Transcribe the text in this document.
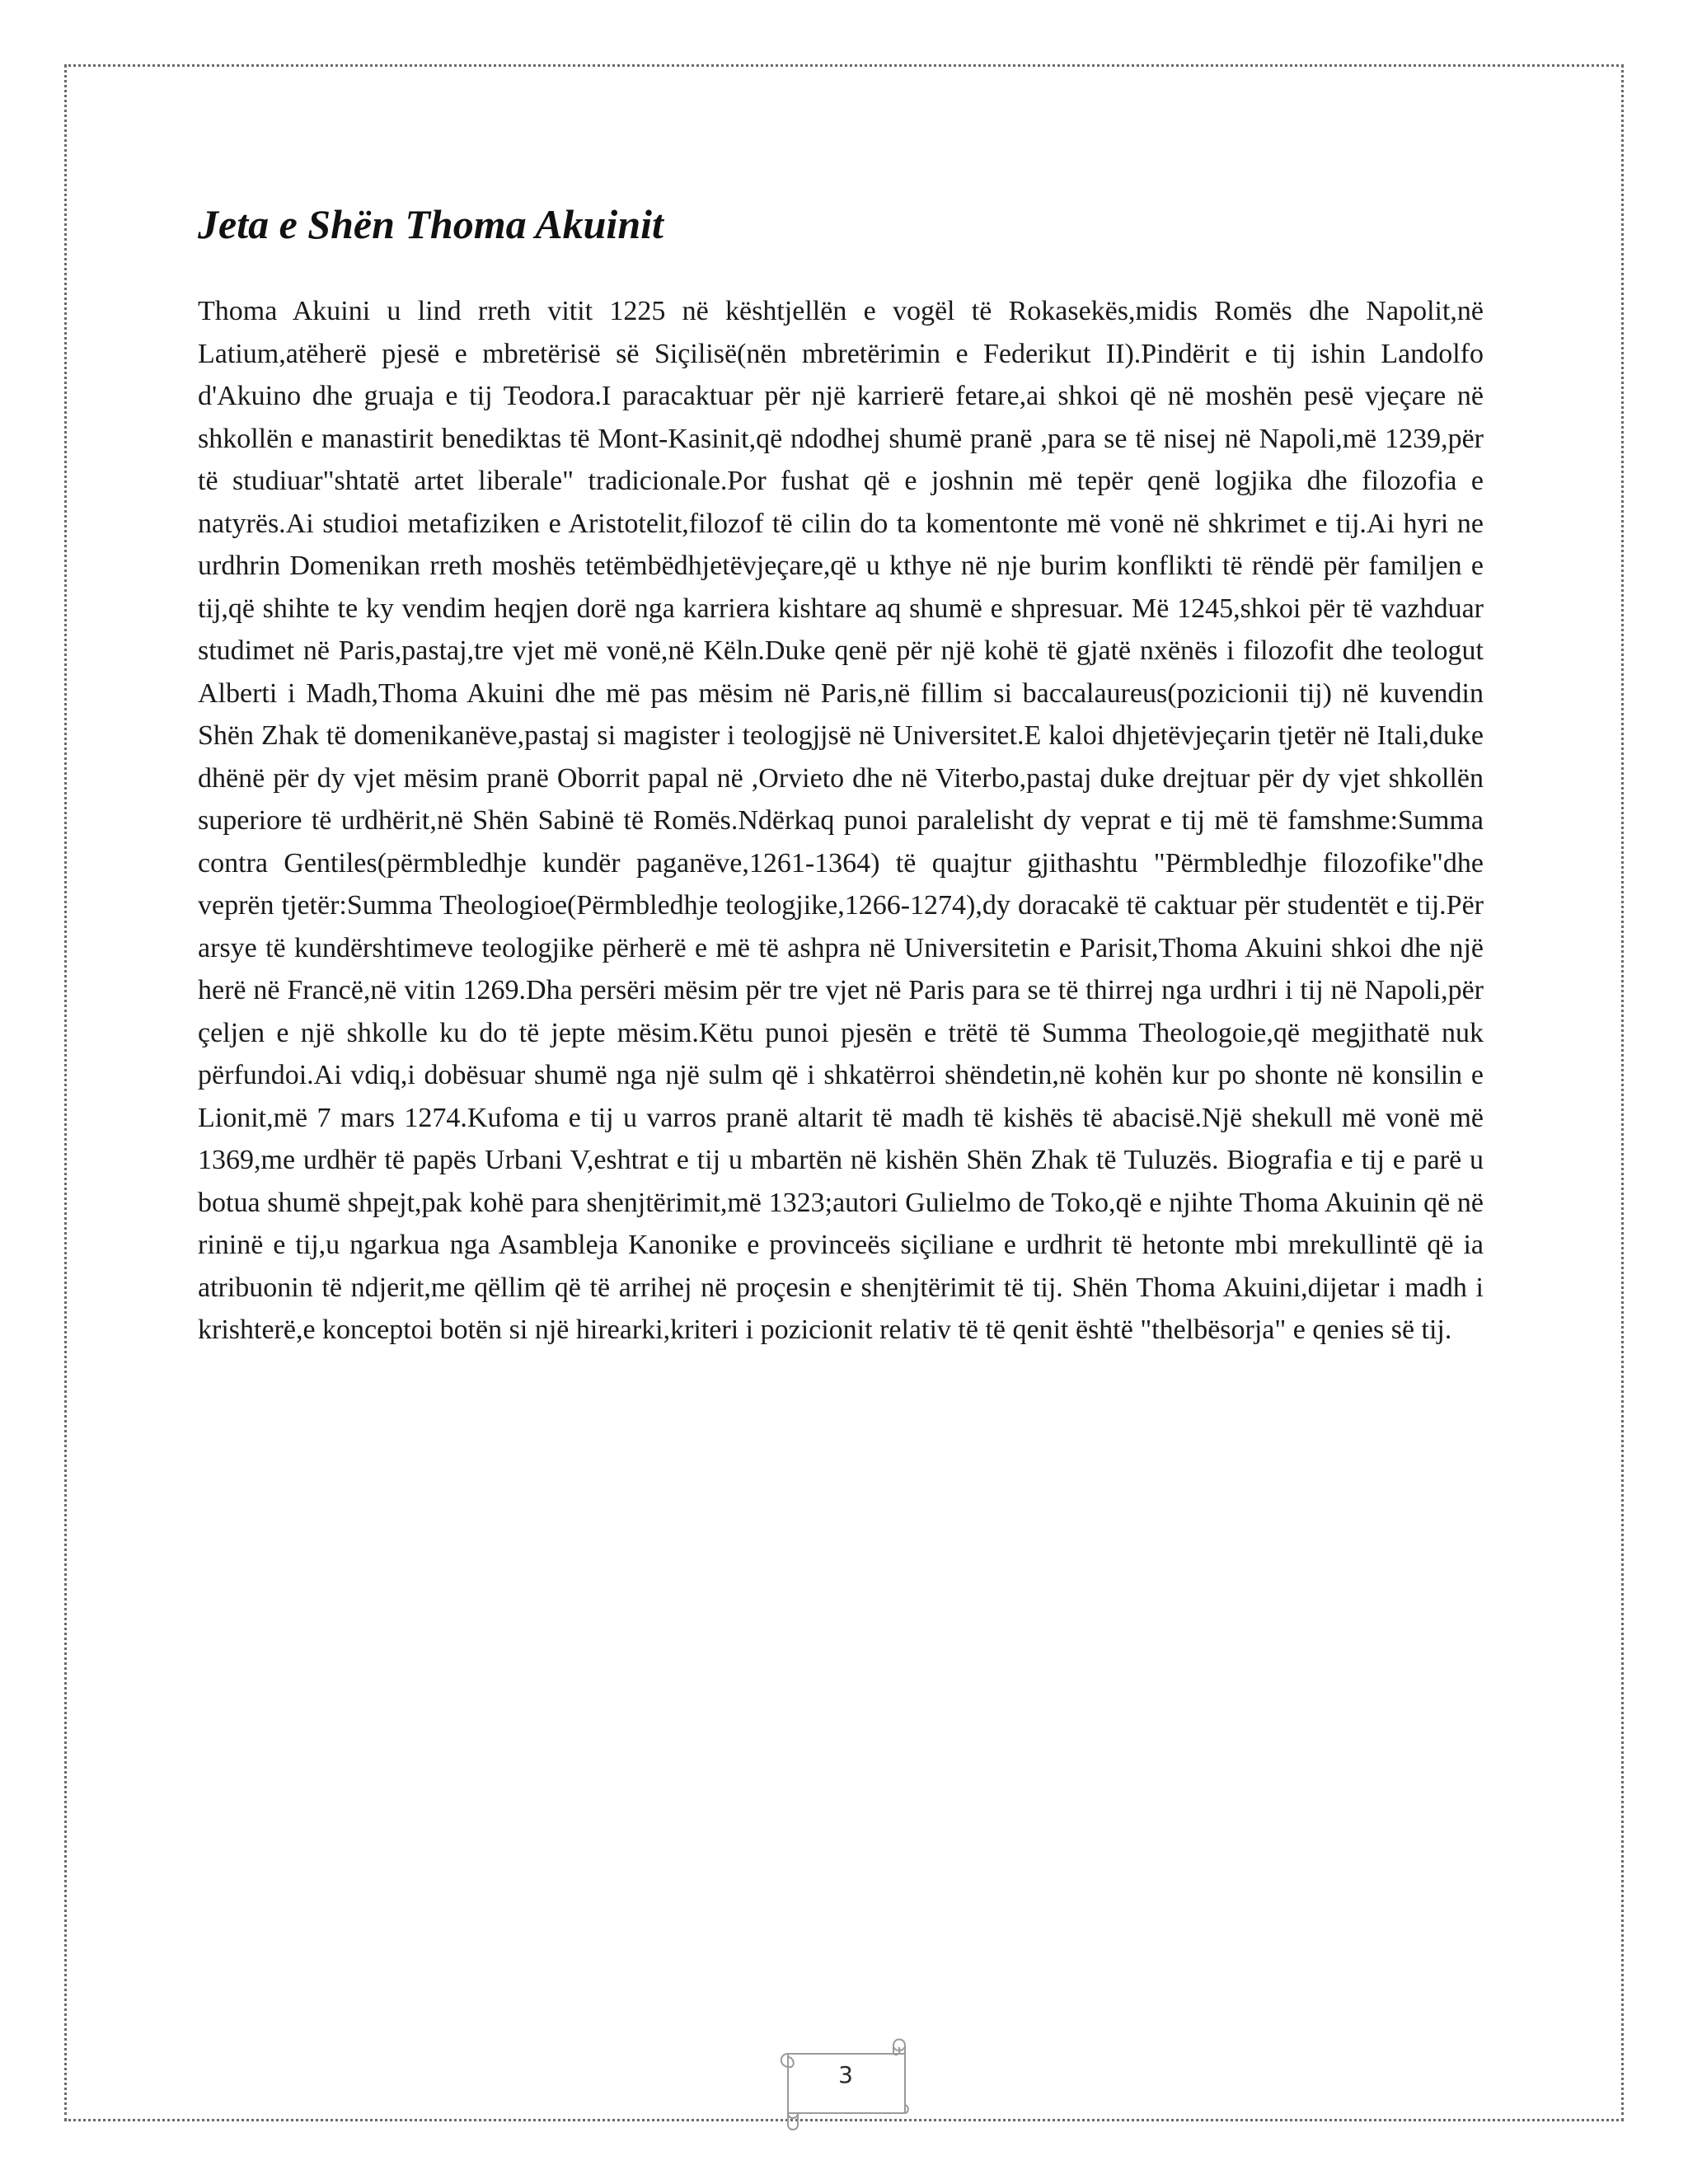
Jeta e Shën Thoma Akuinit

Thoma Akuini u lind rreth vitit 1225 në kështjellën e vogël të Rokasekës,midis Romës dhe Napolit,në Latium,atëherë pjesë e mbretërisë së Siçilisë(nën mbretërimin e Federikut II).Pindërit e tij ishin Landolfo d'Akuino dhe gruaja e tij Teodora.I paracaktuar për një karrierë fetare,ai shkoi që në moshën pesë vjeçare në shkollën e manastirit benediktas të Mont-Kasinit,që ndodhej shumë pranë ,para se të nisej në Napoli,më 1239,për të studiuar"shtatë artet liberale" tradicionale.Por fushat që e joshnin më tepër qenë logjika dhe filozofia e natyrës.Ai studioi metafiziken e Aristotelit,filozof të cilin do ta komentonte më vonë në shkrimet e tij.Ai hyri ne urdhrin Domenikan rreth moshës tetëmbëdhjetëvjeçare,që u kthye në nje burim konflikti të rëndë për familjen e tij,që shihte te ky vendim heqjen dorë nga karriera kishtare aq shumë e shpresuar. Më 1245,shkoi për të vazhduar studimet në Paris,pastaj,tre vjet më vonë,në Këln.Duke qenë për një kohë të gjatë nxënës i filozofit dhe teologut Alberti i Madh,Thoma Akuini dhe më pas mësim në Paris,në fillim si baccalaureus(pozicionii tij) në kuvendin Shën Zhak të domenikanëve,pastaj si magister i teologjjsë në Universitet.E kaloi dhjetëvjeçarin tjetër në Itali,duke dhënë për dy vjet mësim pranë Oborrit papal në ,Orvieto dhe në Viterbo,pastaj duke drejtuar për dy vjet shkollën superiore të urdhërit,në Shën Sabinë të Romës.Ndërkaq punoi paralelisht dy veprat e tij më të famshme:Summa contra Gentiles(përmbledhje kundër paganëve,1261-1364) të quajtur gjithashtu "Përmbledhje filozofike"dhe veprën tjetër:Summa Theologioe(Përmbledhje teologjike,1266-1274),dy doracakë të caktuar për studentët e tij.Për arsye të kundërshtimeve teologjike përherë e më të ashpra në Universitetin e Parisit,Thoma Akuini shkoi dhe një herë në Francë,në vitin 1269.Dha persëri mësim për tre vjet në Paris para se të thirrej nga urdhri i tij në Napoli,për çeljen e një shkolle ku do të jepte mësim.Këtu punoi pjesën e trëtë të Summa Theologoie,që megjithatë nuk përfundoi.Ai vdiq,i dobësuar shumë nga një sulm që i shkatërroi shëndetin,në kohën kur po shonte në konsilin e Lionit,më 7 mars 1274.Kufoma e tij u varros pranë altarit të madh të kishës të abacisë.Një shekull më vonë më 1369,me urdhër të papës Urbani V,eshtrat e tij u mbartën në kishën Shën Zhak të Tuluzës. Biografia e tij e parë u botua shumë shpejt,pak kohë para shenjtërimit,më 1323;autori Gulielmo de Toko,që e njihte Thoma Akuinin që në rininë e tij,u ngarkua nga Asambleja Kanonike e provinceës siçiliane e urdhrit të hetonte mbi mrekullintë që ia atribuonin të ndjerit,me qëllim që të arrihej në proçesin e shenjtërimit të tij. Shën Thoma Akuini,dijetar i madh i krishterë,e konceptoi botën si një hirearki,kriteri i pozicionit relativ të të qenit është "thelbësorja" e qenies së tij.

3
